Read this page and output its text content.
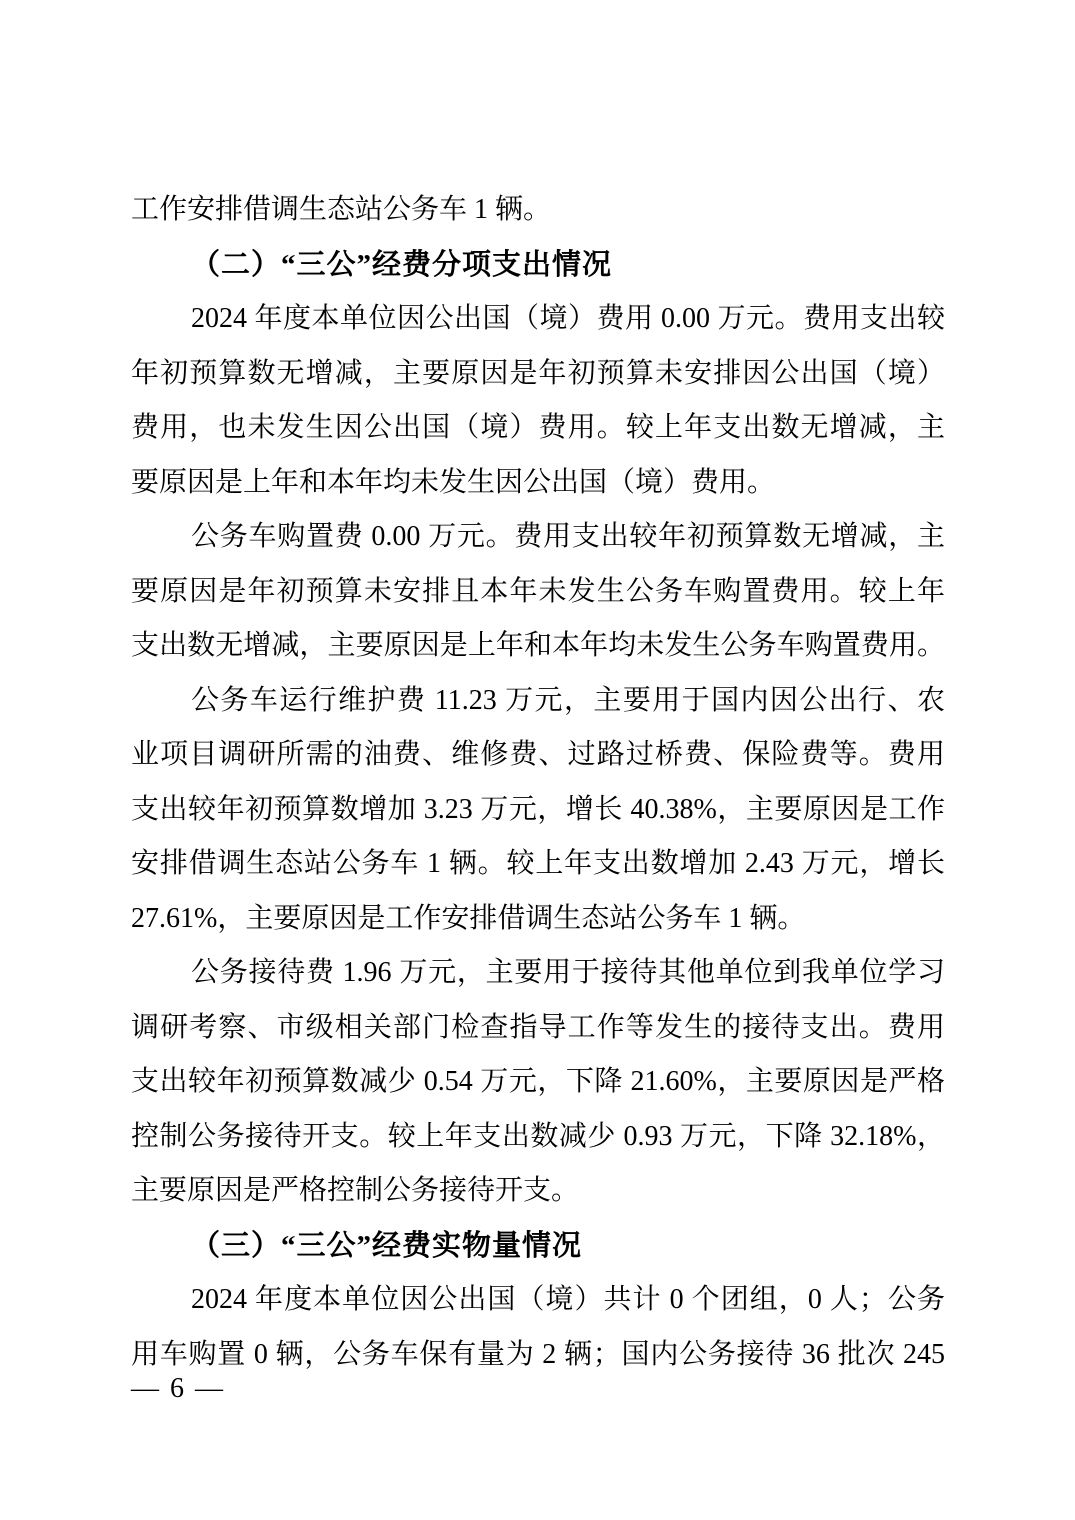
工作安排借调生态站公务车 1 辆。
（二）“三公”经费分项支出情况
2024 年度本单位因公出国（境）费用 0.00 万元。费用支出较
年初预算数无增减，主要原因是年初预算未安排因公出国（境）
费用，也未发生因公出国（境）费用。较上年支出数无增减，主
要原因是上年和本年均未发生因公出国（境）费用。
公务车购置费 0.00 万元。费用支出较年初预算数无增减，主
要原因是年初预算未安排且本年未发生公务车购置费用。较上年
支出数无增减，主要原因是上年和本年均未发生公务车购置费用。
公务车运行维护费 11.23 万元，主要用于国内因公出行、农
业项目调研所需的油费、维修费、过路过桥费、保险费等。费用
支出较年初预算数增加 3.23 万元，增长 40.38%，主要原因是工作
安排借调生态站公务车 1 辆。较上年支出数增加 2.43 万元，增长
27.61%，主要原因是工作安排借调生态站公务车 1 辆。
公务接待费 1.96 万元，主要用于接待其他单位到我单位学习
调研考察、市级相关部门检查指导工作等发生的接待支出。费用
支出较年初预算数减少 0.54 万元，下降 21.60%，主要原因是严格
控制公务接待开支。较上年支出数减少 0.93 万元，下降 32.18%，
主要原因是严格控制公务接待开支。
（三）“三公”经费实物量情况
2024 年度本单位因公出国（境）共计 0 个团组，0 人；公务
用车购置 0 辆，公务车保有量为 2 辆；国内公务接待 36 批次 245
— 6 —
